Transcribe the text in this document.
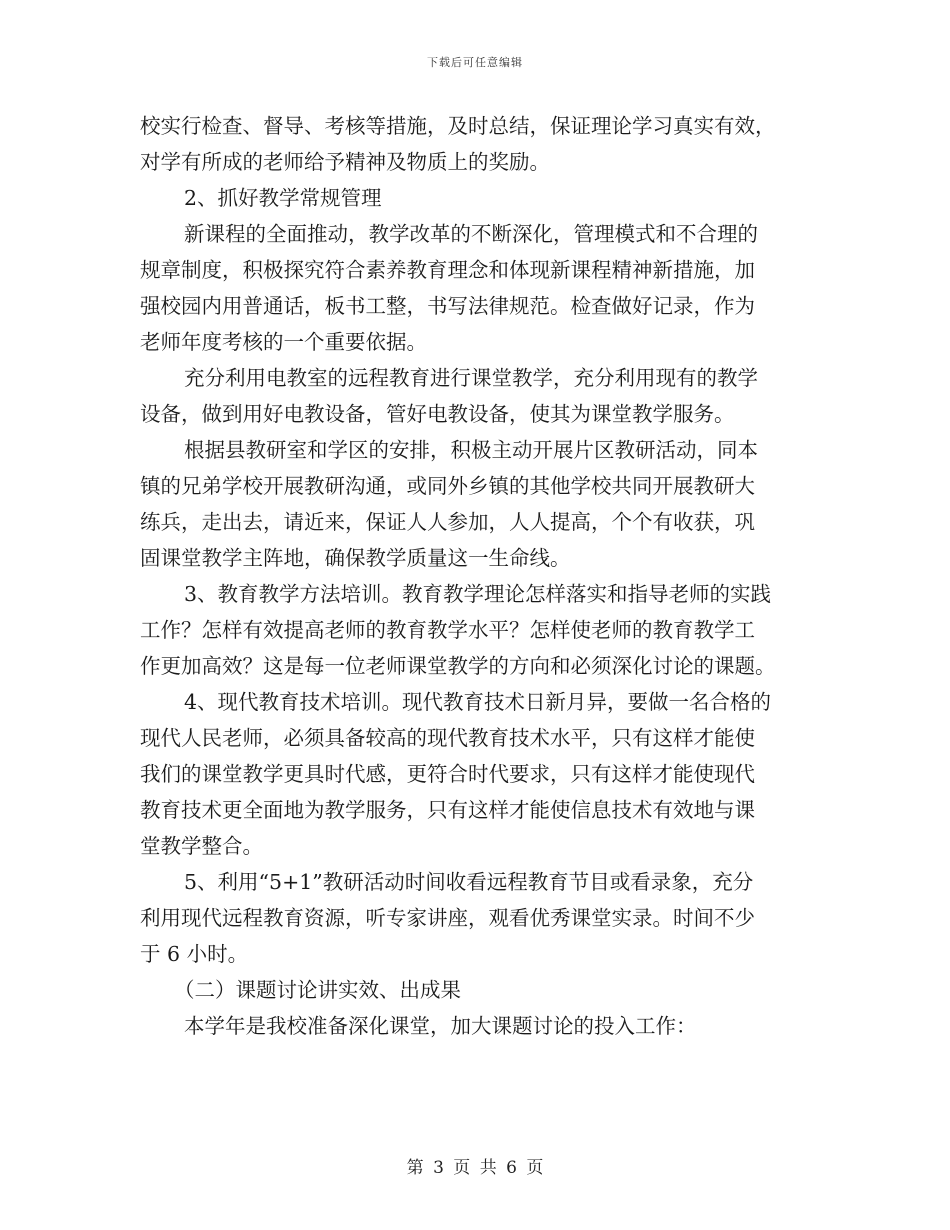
下载后可任意编辑
校实行检查、督导、考核等措施，及时总结，保证理论学习真实有效，
对学有所成的老师给予精神及物质上的奖励。
2、抓好教学常规管理
新课程的全面推动，教学改革的不断深化，管理模式和不合理的
规章制度，积极探究符合素养教育理念和体现新课程精神新措施，加
强校园内用普通话，板书工整，书写法律规范。检查做好记录，作为
老师年度考核的一个重要依据。
充分利用电教室的远程教育进行课堂教学，充分利用现有的教学
设备，做到用好电教设备，管好电教设备，使其为课堂教学服务。
根据县教研室和学区的安排，积极主动开展片区教研活动，同本
镇的兄弟学校开展教研沟通，或同外乡镇的其他学校共同开展教研大
练兵，走出去，请近来，保证人人参加，人人提高，个个有收获，巩
固课堂教学主阵地，确保教学质量这一生命线。
3、教育教学方法培训。教育教学理论怎样落实和指导老师的实践
工作？怎样有效提高老师的教育教学水平？怎样使老师的教育教学工
作更加高效？这是每一位老师课堂教学的方向和必须深化讨论的课题。
4、现代教育技术培训。现代教育技术日新月异，要做一名合格的
现代人民老师，必须具备较高的现代教育技术水平，只有这样才能使
我们的课堂教学更具时代感，更符合时代要求，只有这样才能使现代
教育技术更全面地为教学服务，只有这样才能使信息技术有效地与课
堂教学整合。
5、利用“5+1”教研活动时间收看远程教育节目或看录象，充分
利用现代远程教育资源，听专家讲座，观看优秀课堂实录。时间不少
于 6 小时。
（二）课题讨论讲实效、出成果
本学年是我校准备深化课堂，加大课题讨论的投入工作：
第 3 页 共 6 页
